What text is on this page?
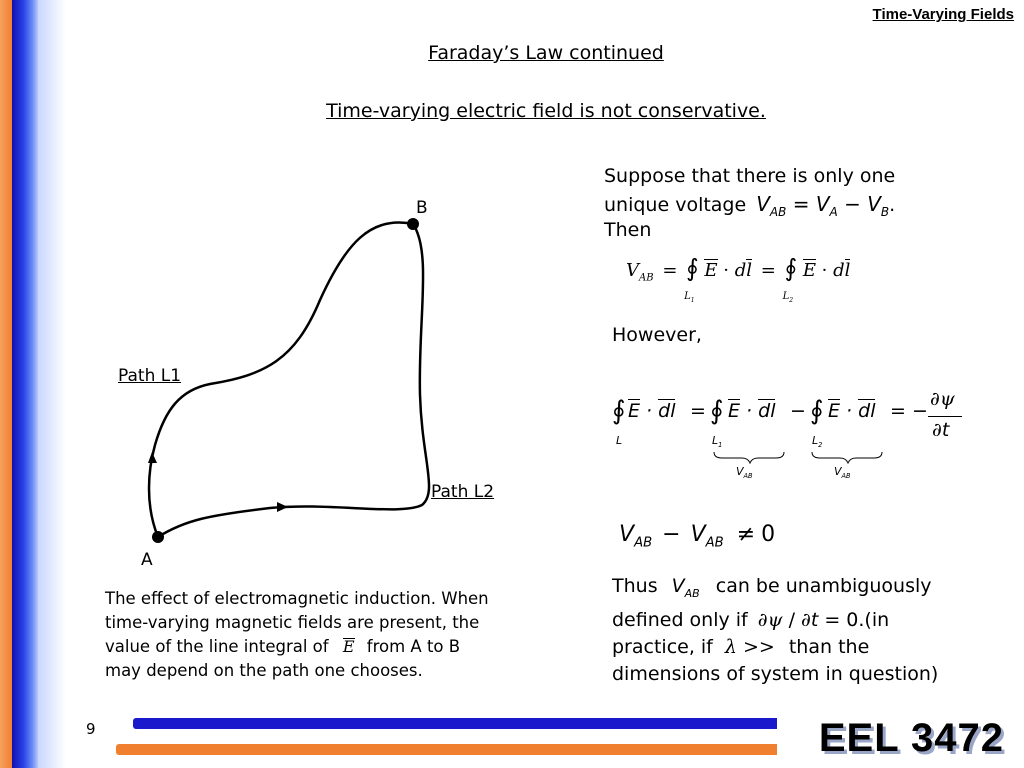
Time-Varying Fields
Faraday’s Law continued
Time-varying electric field is not conservative.
B
A
Path L1
Path L2
The effect of electromagnetic induction. When
time-varying magnetic fields are present, the
value of the line integral of E from A to B
may depend on the path one chooses.
Suppose that there is only one
unique voltage $V_{AB} = V_A - V_B$.
Then
$V_{AB}$ = ∮
$L_1$
E · dl = ∮
$L_2$
E · dl
However,
∮
L
E · dl = ∮
$L_1$
E · dl − ∮
$L_2$
E · dl = −
∂ψ
∂t
$V_{AB}$	$V_{AB}$
$V_{AB} - V_{AB} \ne 0$
Thus $V_{AB}$ can be unambiguously
defined only if ∂ψ / ∂t = 0.(in
practice, if λ >> than the
dimensions of system in question)
9	EEL 3472
